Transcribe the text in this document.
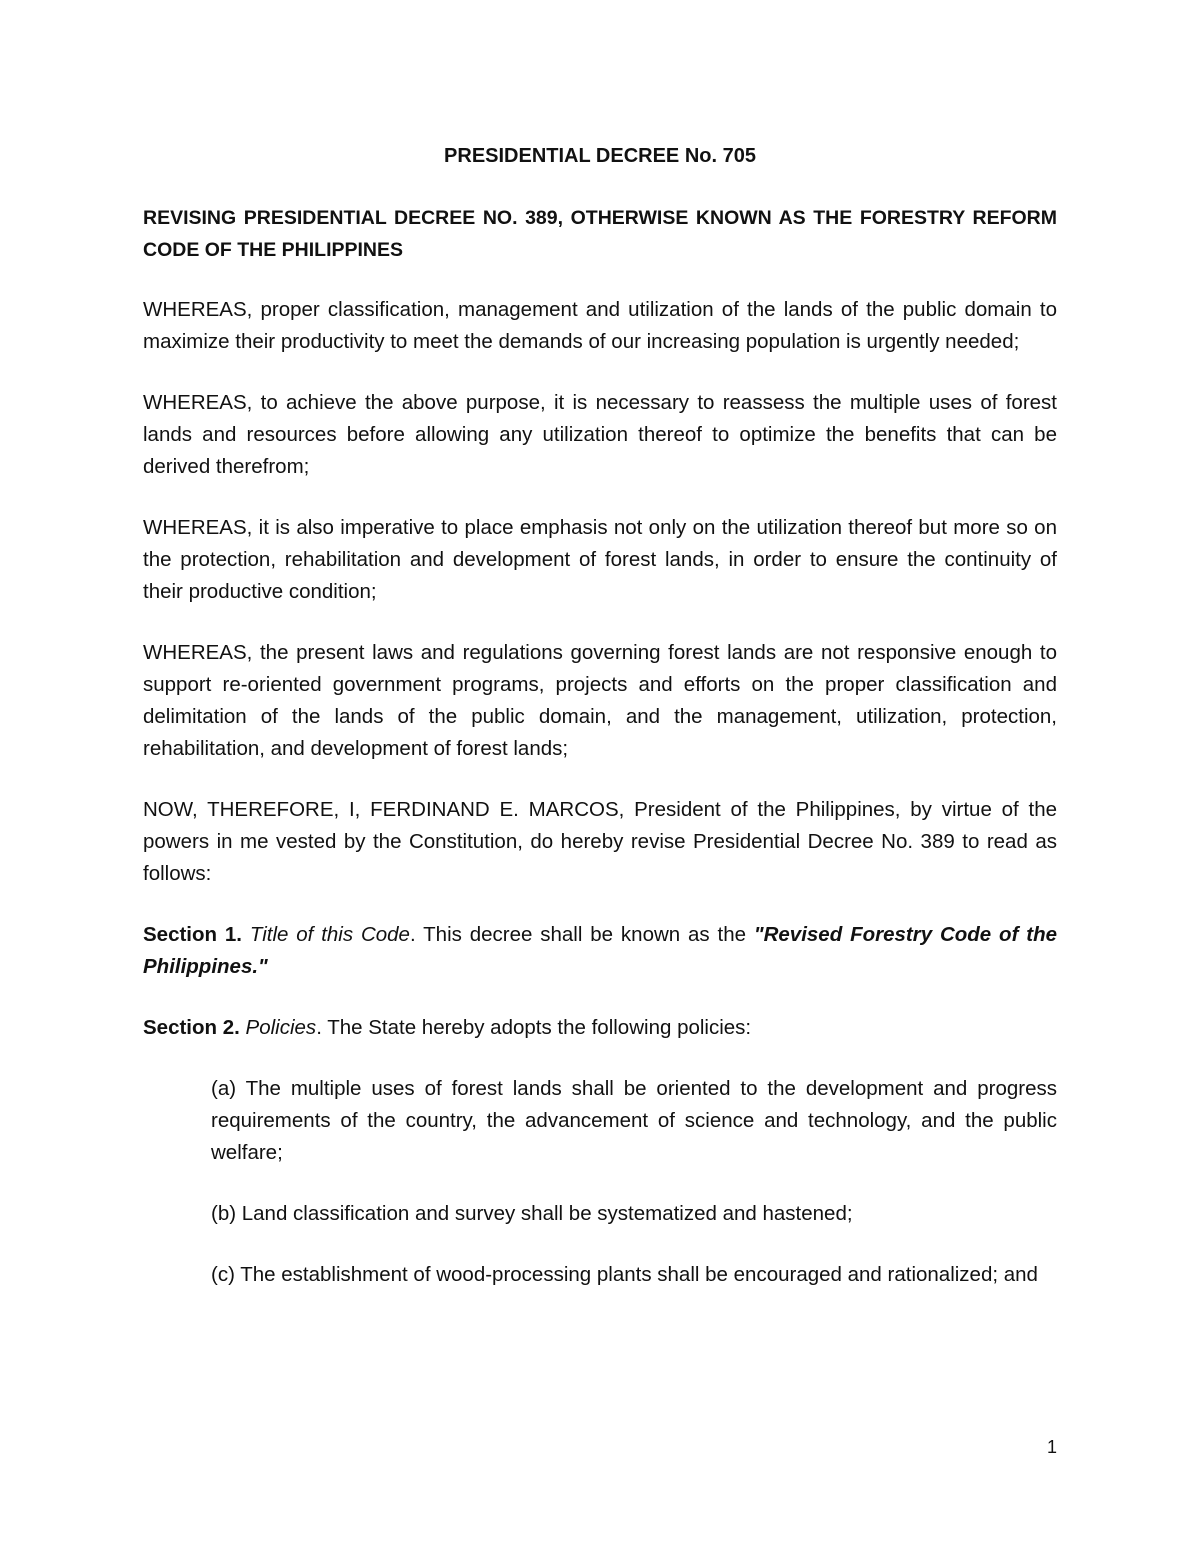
PRESIDENTIAL DECREE No. 705
REVISING PRESIDENTIAL DECREE NO. 389, OTHERWISE KNOWN AS THE FORESTRY REFORM CODE OF THE PHILIPPINES

WHEREAS, proper classification, management and utilization of the lands of the public domain to maximize their productivity to meet the demands of our increasing population is urgently needed;

WHEREAS, to achieve the above purpose, it is necessary to reassess the multiple uses of forest lands and resources before allowing any utilization thereof to optimize the benefits that can be derived therefrom;

WHEREAS, it is also imperative to place emphasis not only on the utilization thereof but more so on the protection, rehabilitation and development of forest lands, in order to ensure the continuity of their productive condition;

WHEREAS, the present laws and regulations governing forest lands are not responsive enough to support re-oriented government programs, projects and efforts on the proper classification and delimitation of the lands of the public domain, and the management, utilization, protection, rehabilitation, and development of forest lands;

NOW, THEREFORE, I, FERDINAND E. MARCOS, President of the Philippines, by virtue of the powers in me vested by the Constitution, do hereby revise Presidential Decree No. 389 to read as follows:

Section 1. Title of this Code. This decree shall be known as the "Revised Forestry Code of the Philippines."

Section 2. Policies. The State hereby adopts the following policies:

(a) The multiple uses of forest lands shall be oriented to the development and progress requirements of the country, the advancement of science and technology, and the public welfare;

(b) Land classification and survey shall be systematized and hastened;

(c) The establishment of wood-processing plants shall be encouraged and rationalized; and

1
